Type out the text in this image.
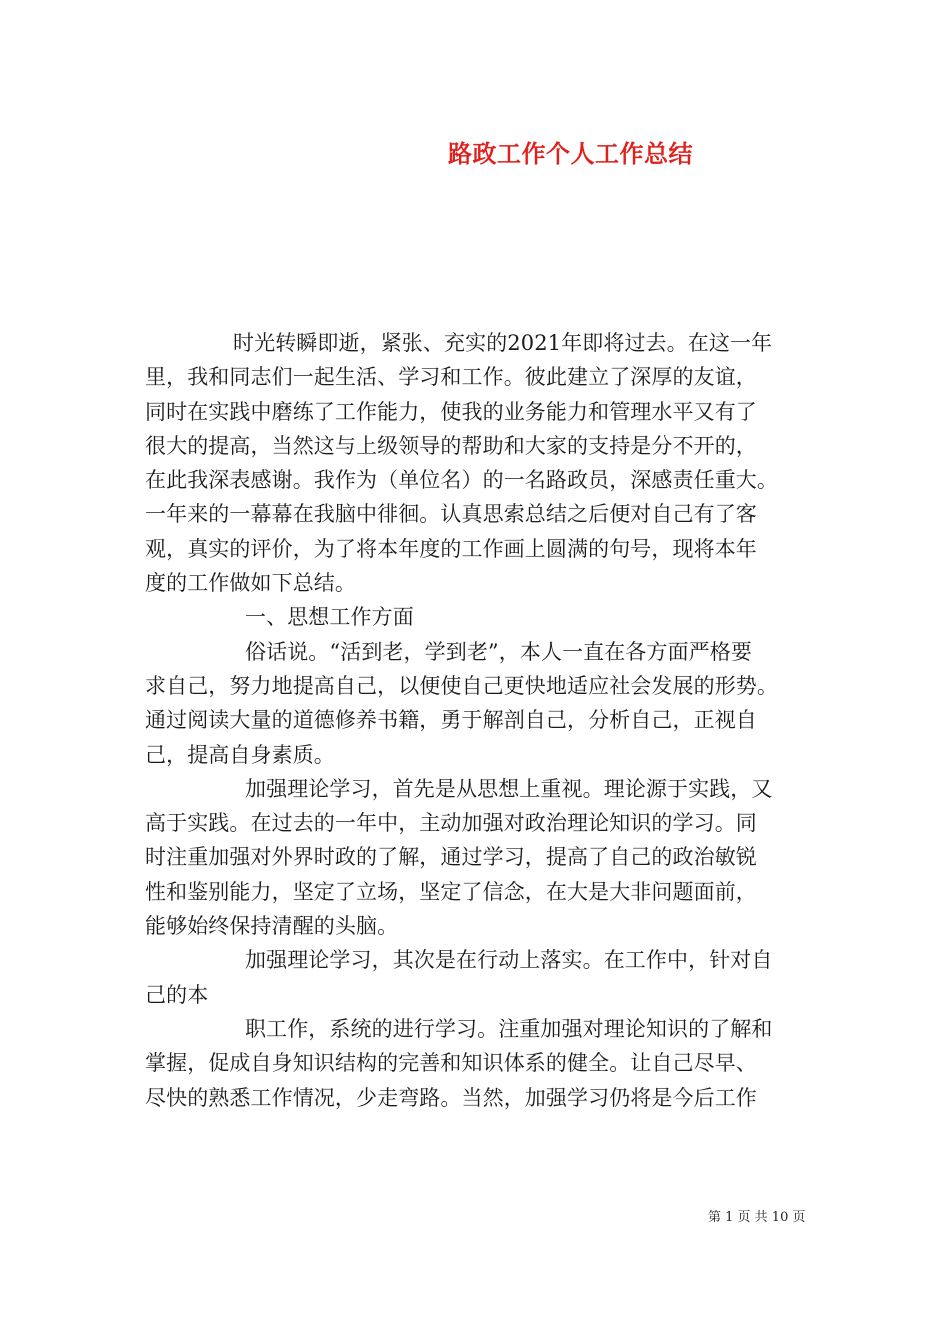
路政工作个人工作总结
时光转瞬即逝，紧张、充实的2021年即将过去。在这一年
里，我和同志们一起生活、学习和工作。彼此建立了深厚的友谊，
同时在实践中磨练了工作能力，使我的业务能力和管理水平又有了
很大的提高，当然这与上级领导的帮助和大家的支持是分不开的，
在此我深表感谢。我作为（单位名）的一名路政员，深感责任重大。
一年来的一幕幕在我脑中徘徊。认真思索总结之后便对自己有了客
观，真实的评价，为了将本年度的工作画上圆满的句号，现将本年
度的工作做如下总结。
一、思想工作方面
俗话说。“活到老，学到老”，本人一直在各方面严格要
求自己，努力地提高自己，以便使自己更快地适应社会发展的形势。
通过阅读大量的道德修养书籍，勇于解剖自己，分析自己，正视自
己，提高自身素质。
加强理论学习，首先是从思想上重视。理论源于实践，又
高于实践。在过去的一年中，主动加强对政治理论知识的学习。同
时注重加强对外界时政的了解，通过学习，提高了自己的政治敏锐
性和鉴别能力，坚定了立场，坚定了信念，在大是大非问题面前，
能够始终保持清醒的头脑。
加强理论学习，其次是在行动上落实。在工作中，针对自
己的本
职工作，系统的进行学习。注重加强对理论知识的了解和
掌握，促成自身知识结构的完善和知识体系的健全。让自己尽早、
尽快的熟悉工作情况，少走弯路。当然，加强学习仍将是今后工作
第 1 页 共 10 页
